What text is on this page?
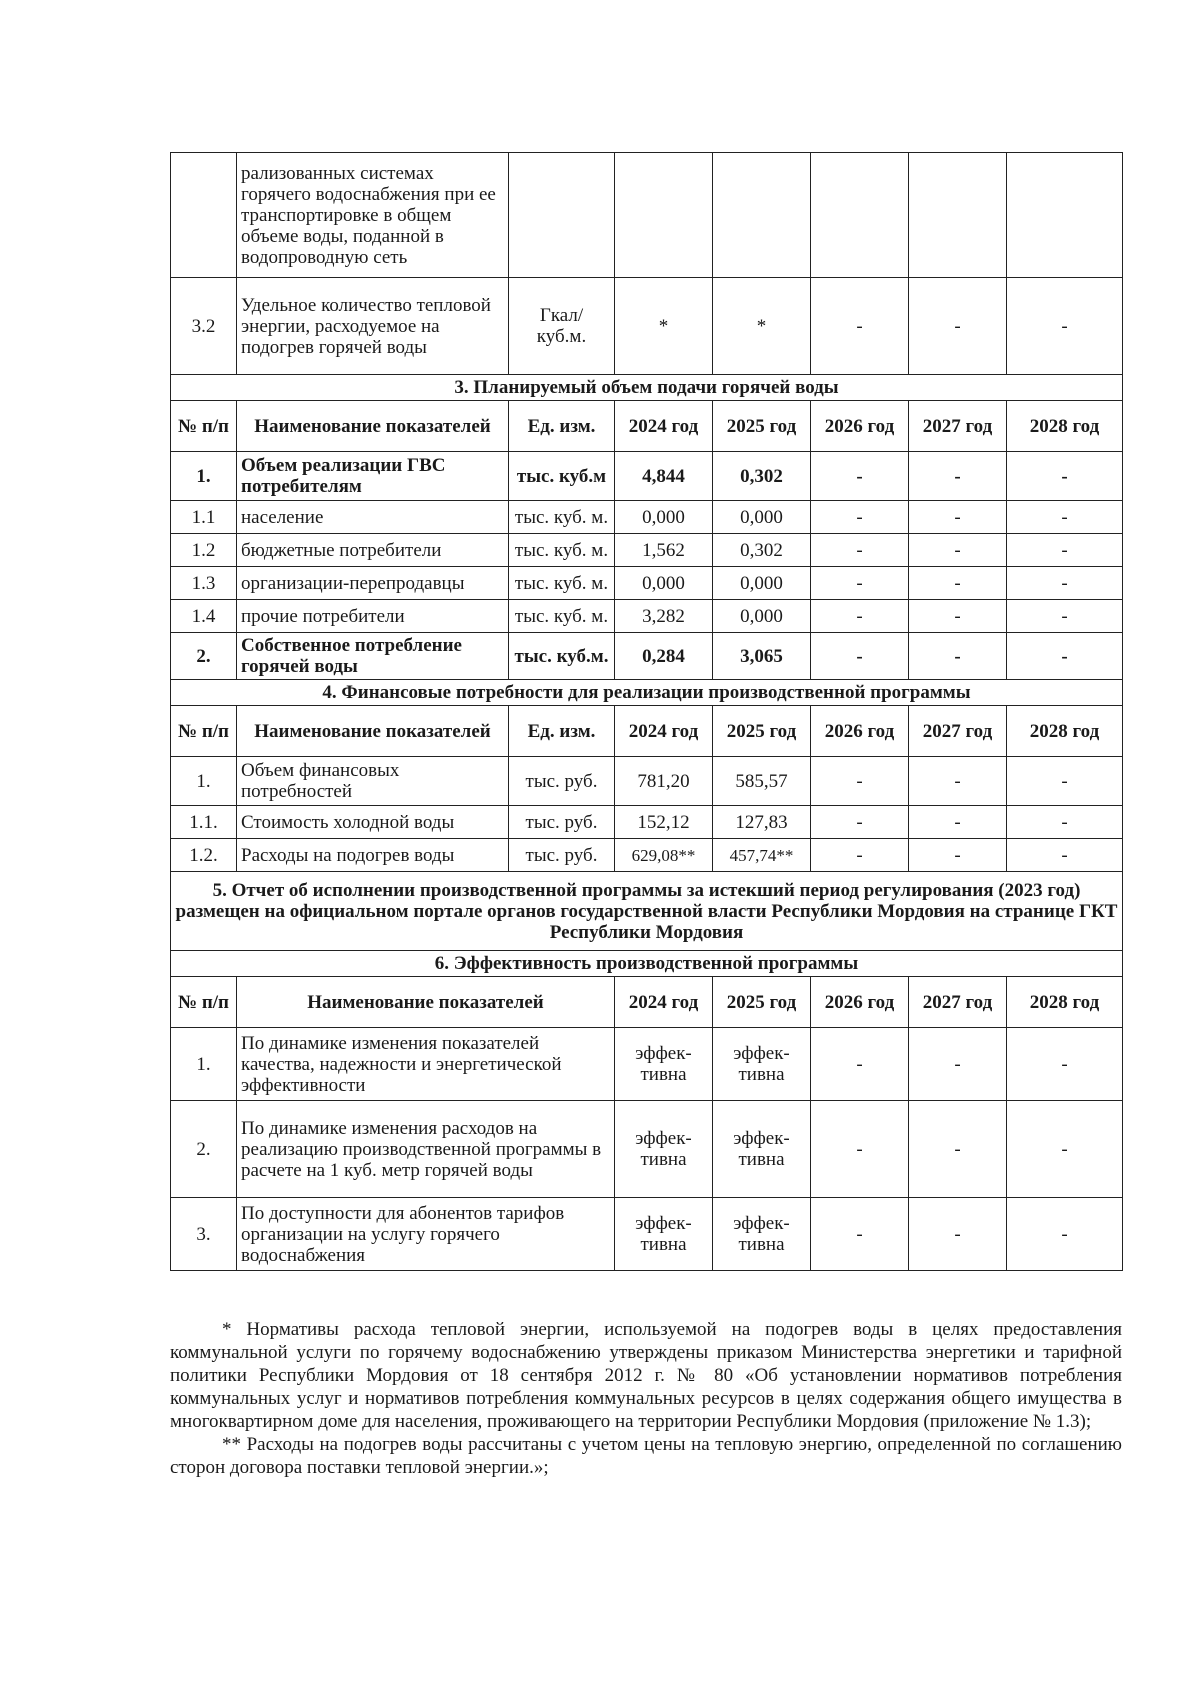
	рализованных системах горячего водоснабжения при ее транспортировке в общем объеме воды, поданной в водопроводную сеть						
3.2	Удельное количество тепловой энергии, расходуемое на подогрев горячей воды	Гкал/ куб.м.	*	*	-	-	-
3. Планируемый объем подачи горячей воды							
№ п/п	Наименование показателей	Ед. изм.	2024 год	2025 год	2026 год	2027 год	2028 год
1.	Объем реализации ГВС потребителям	тыс. куб.м	4,844	0,302	-	-	-
1.1	население	тыс. куб. м.	0,000	0,000	-	-	-
1.2	бюджетные потребители	тыс. куб. м.	1,562	0,302	-	-	-
1.3	организации-перепродавцы	тыс. куб. м.	0,000	0,000	-	-	-
1.4	прочие потребители	тыс. куб. м.	3,282	0,000	-	-	-
2.	Собственное потребление горячей воды	тыс. куб.м.	0,284	3,065	-	-	-
4. Финансовые потребности для реализации производственной программы							
№ п/п	Наименование показателей	Ед. изм.	2024 год	2025 год	2026 год	2027 год	2028 год
1.	Объем финансовых потребностей	тыс. руб.	781,20	585,57	-	-	-
1.1.	Стоимость холодной воды	тыс. руб.	152,12	127,83	-	-	-
1.2.	Расходы на подогрев воды	тыс. руб.	629,08**	457,74**	-	-	-
5. Отчет об исполнении производственной программы за истекший период регулирования (2023 год) размещен на официальном портале органов государственной власти Республики Мордовия на странице ГКТ Республики Мордовия							
6. Эффективность производственной программы							
№ п/п	Наименование показателей		2024 год	2025 год	2026 год	2027 год	2028 год
1.	По динамике изменения показателей качества, надежности и энергетической эффективности		эффек- тивна	эффек- тивна	-	-	-
2.	По динамике изменения расходов на реализацию производственной программы в расчете на 1 куб. метр горячей воды		эффек- тивна	эффек- тивна	-	-	-
3.	По доступности для абонентов тарифов организации на услугу горячего водоснабжения		эффек- тивна	эффек- тивна	-	-	-

* Нормативы расхода тепловой энергии, используемой на подогрев воды в целях предоставления коммунальной услуги по горячему водоснабжению утверждены приказом Министерства энергетики и тарифной политики Республики Мордовия от 18 сентября 2012 г. № 80 «Об установлении нормативов потребления коммунальных услуг и нормативов потребления коммунальных ресурсов в целях содержания общего имущества в многоквартирном доме для населения, проживающего на территории Республики Мордовия (приложение № 1.3);

** Расходы на подогрев воды рассчитаны с учетом цены на тепловую энергию, определенной по соглашению сторон договора поставки тепловой энергии.»;
